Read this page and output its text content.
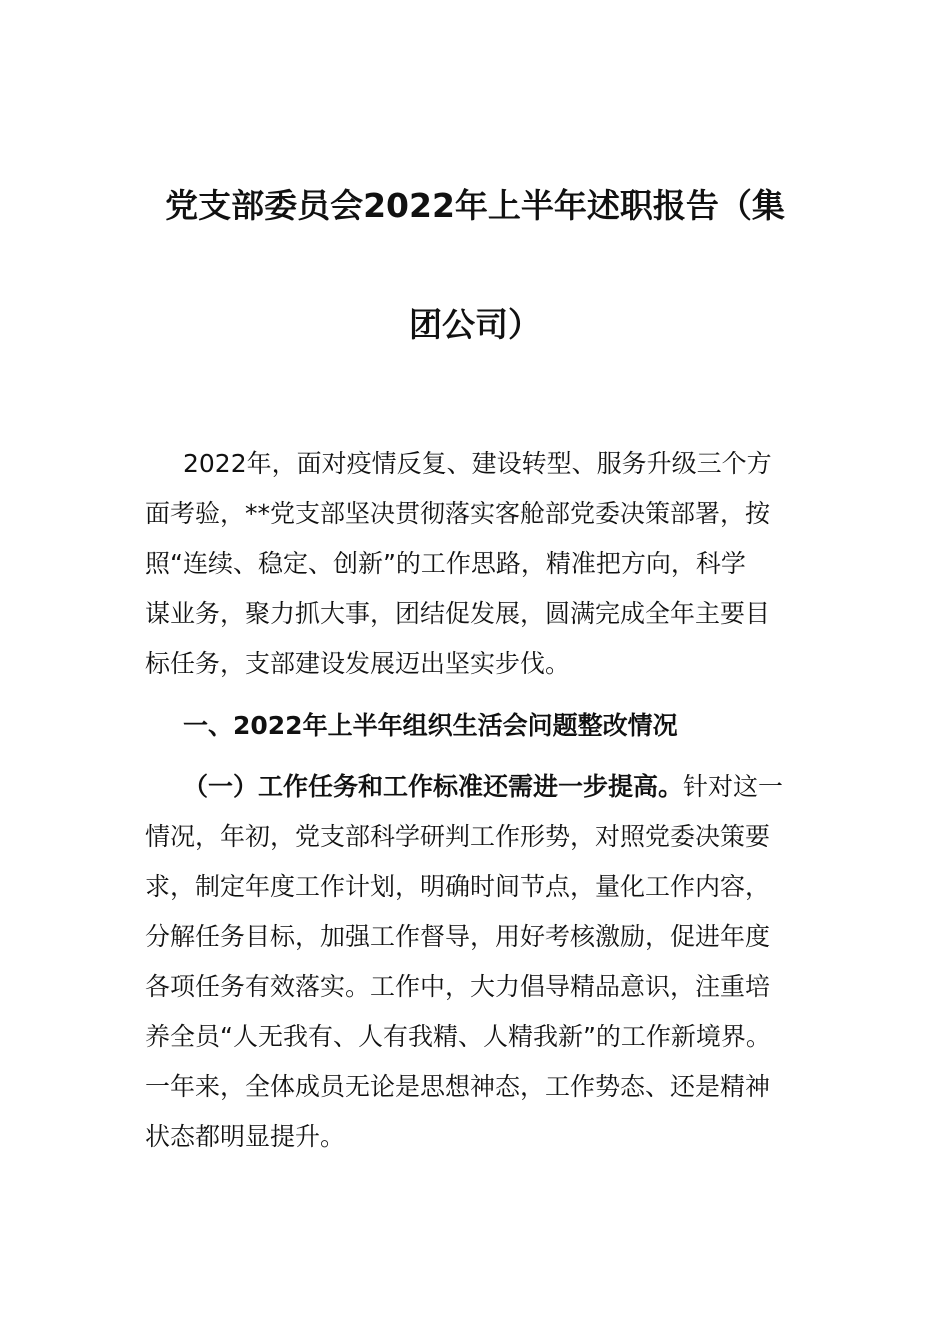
党支部委员会2022年上半年述职报告（集
团公司）
2022年，面对疫情反复、建设转型、服务升级三个方
面考验，**党支部坚决贯彻落实客舱部党委决策部署，按
照“连续、稳定、创新”的工作思路，精准把方向，科学
谋业务，聚力抓大事，团结促发展，圆满完成全年主要目
标任务，支部建设发展迈出坚实步伐。
一、2022年上半年组织生活会问题整改情况
（一）工作任务和工作标准还需进一步提高。针对这一
情况，年初，党支部科学研判工作形势，对照党委决策要
求，制定年度工作计划，明确时间节点，量化工作内容，
分解任务目标，加强工作督导，用好考核激励，促进年度
各项任务有效落实。工作中，大力倡导精品意识，注重培
养全员“人无我有、人有我精、人精我新”的工作新境界。
一年来，全体成员无论是思想神态，工作势态、还是精神
状态都明显提升。
